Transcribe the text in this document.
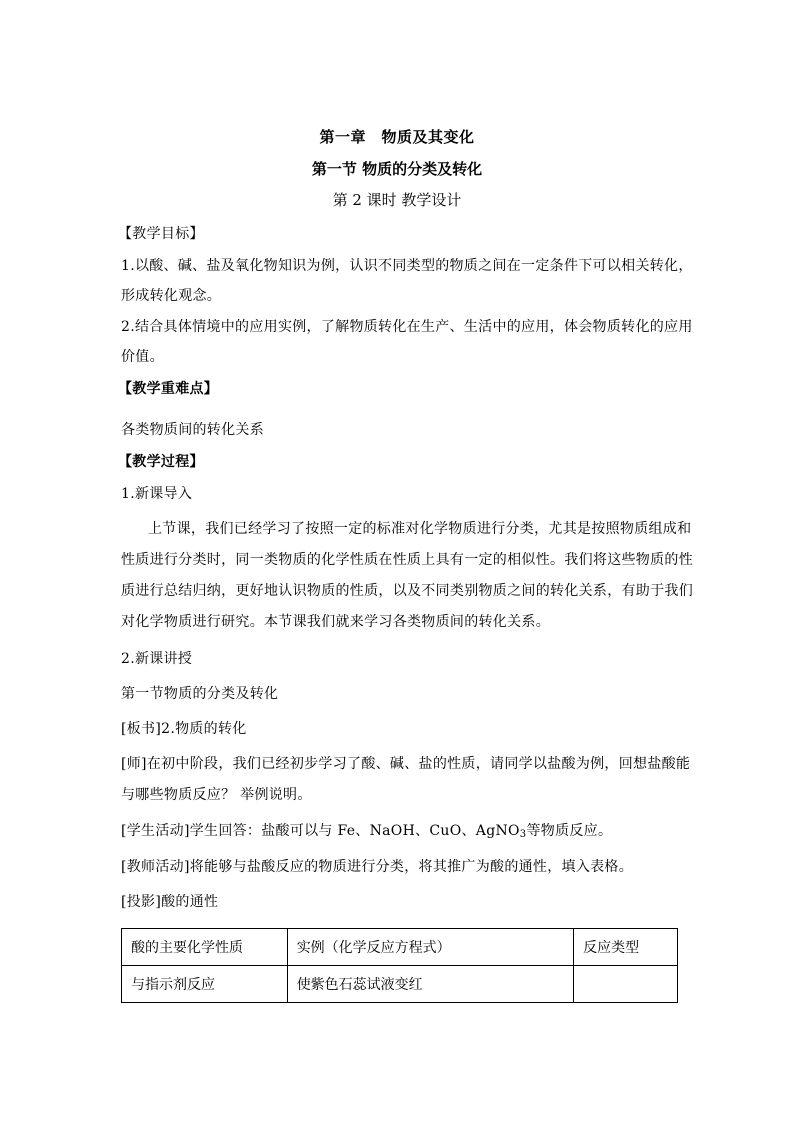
第一章　物质及其变化
第一节 物质的分类及转化
第 2 课时 教学设计
【教学目标】
1.以酸、碱、盐及氧化物知识为例，认识不同类型的物质之间在一定条件下可以相关转化，
形成转化观念。
2.结合具体情境中的应用实例，了解物质转化在生产、生活中的应用，体会物质转化的应用
价值。
【教学重难点】
各类物质间的转化关系
【教学过程】
1.新课导入
上节课，我们已经学习了按照一定的标准对化学物质进行分类，尤其是按照物质组成和
性质进行分类时，同一类物质的化学性质在性质上具有一定的相似性。我们将这些物质的性
质进行总结归纳，更好地认识物质的性质，以及不同类别物质之间的转化关系，有助于我们
对化学物质进行研究。本节课我们就来学习各类物质间的转化关系。
2.新课讲授
第一节物质的分类及转化
[板书]2.物质的转化
[师]在初中阶段，我们已经初步学习了酸、碱、盐的性质，请同学以盐酸为例，回想盐酸能
与哪些物质反应？ 举例说明。
[学生活动]学生回答：盐酸可以与 Fe、NaOH、CuO、AgNO$_3$等物质反应。
[教师活动]将能够与盐酸反应的物质进行分类，将其推广为酸的通性，填入表格。
[投影]酸的通性
酸的主要化学性质	实例（化学反应方程式）	反应类型
与指示剂反应	使紫色石蕊试液变红	
